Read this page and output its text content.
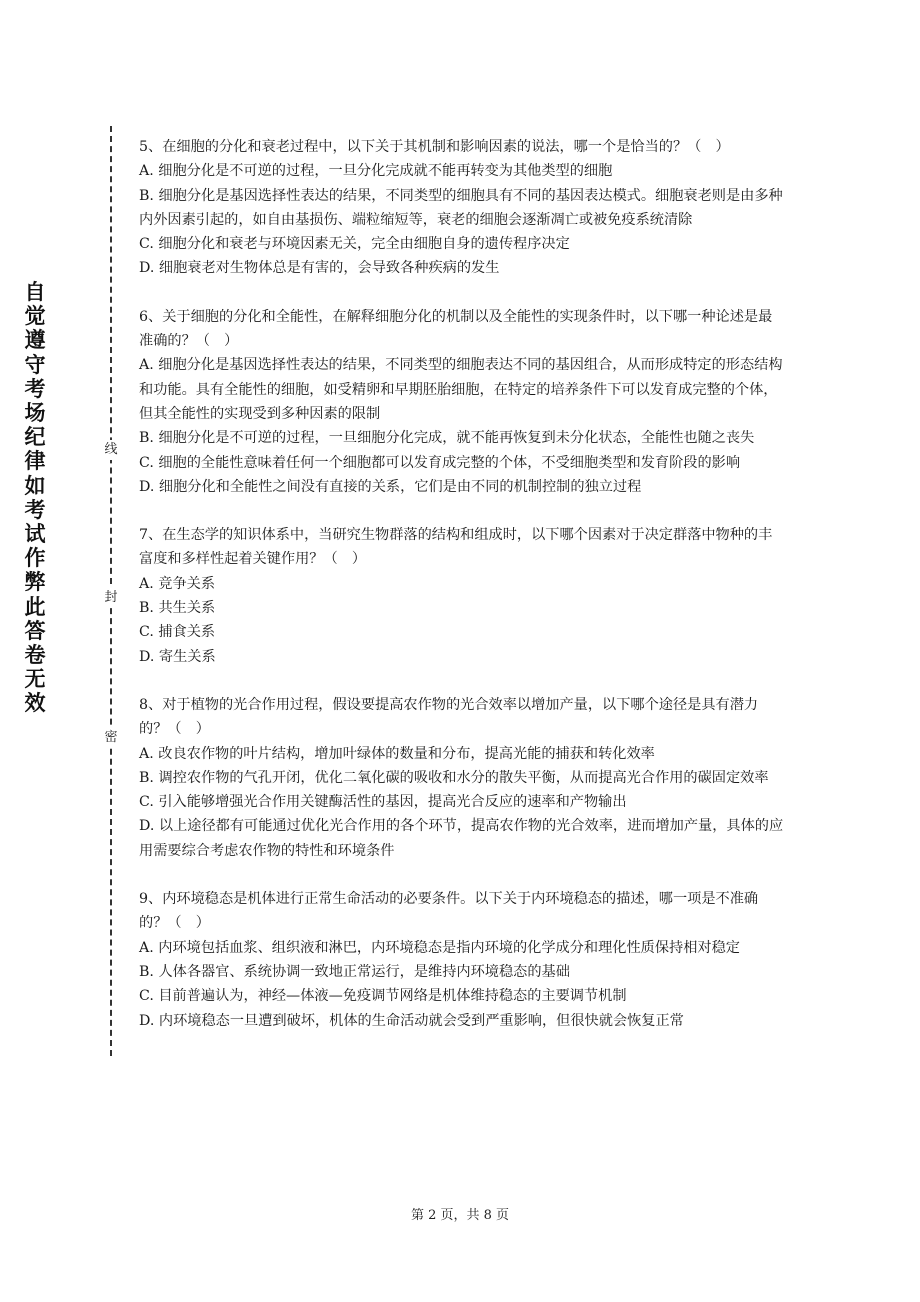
自觉遵守考场纪律如考试作弊此答卷无效
线
封
密

5、在细胞的分化和衰老过程中，以下关于其机制和影响因素的说法，哪一个是恰当的？（　）

A. 细胞分化是不可逆的过程，一旦分化完成就不能再转变为其他类型的细胞

B. 细胞分化是基因选择性表达的结果，不同类型的细胞具有不同的基因表达模式。细胞衰老则是由多种内外因素引起的，如自由基损伤、端粒缩短等，衰老的细胞会逐渐凋亡或被免疫系统清除

C. 细胞分化和衰老与环境因素无关，完全由细胞自身的遗传程序决定

D. 细胞衰老对生物体总是有害的，会导致各种疾病的发生

6、关于细胞的分化和全能性，在解释细胞分化的机制以及全能性的实现条件时，以下哪一种论述是最准确的？（　）

A. 细胞分化是基因选择性表达的结果，不同类型的细胞表达不同的基因组合，从而形成特定的形态结构和功能。具有全能性的细胞，如受精卵和早期胚胎细胞，在特定的培养条件下可以发育成完整的个体，但其全能性的实现受到多种因素的限制

B. 细胞分化是不可逆的过程，一旦细胞分化完成，就不能再恢复到未分化状态，全能性也随之丧失

C. 细胞的全能性意味着任何一个细胞都可以发育成完整的个体，不受细胞类型和发育阶段的影响

D. 细胞分化和全能性之间没有直接的关系，它们是由不同的机制控制的独立过程

7、在生态学的知识体系中，当研究生物群落的结构和组成时，以下哪个因素对于决定群落中物种的丰富度和多样性起着关键作用？（　）

A. 竞争关系

B. 共生关系

C. 捕食关系

D. 寄生关系

8、对于植物的光合作用过程，假设要提高农作物的光合效率以增加产量，以下哪个途径是具有潜力的？（　）

A. 改良农作物的叶片结构，增加叶绿体的数量和分布，提高光能的捕获和转化效率

B. 调控农作物的气孔开闭，优化二氧化碳的吸收和水分的散失平衡，从而提高光合作用的碳固定效率

C. 引入能够增强光合作用关键酶活性的基因，提高光合反应的速率和产物输出

D. 以上途径都有可能通过优化光合作用的各个环节，提高农作物的光合效率，进而增加产量，具体的应用需要综合考虑农作物的特性和环境条件

9、内环境稳态是机体进行正常生命活动的必要条件。以下关于内环境稳态的描述，哪一项是不准确的？（　）

A. 内环境包括血浆、组织液和淋巴，内环境稳态是指内环境的化学成分和理化性质保持相对稳定

B. 人体各器官、系统协调一致地正常运行，是维持内环境稳态的基础

C. 目前普遍认为，神经—体液—免疫调节网络是机体维持稳态的主要调节机制

D. 内环境稳态一旦遭到破坏，机体的生命活动就会受到严重影响，但很快就会恢复正常

第 2 页，共 8 页
